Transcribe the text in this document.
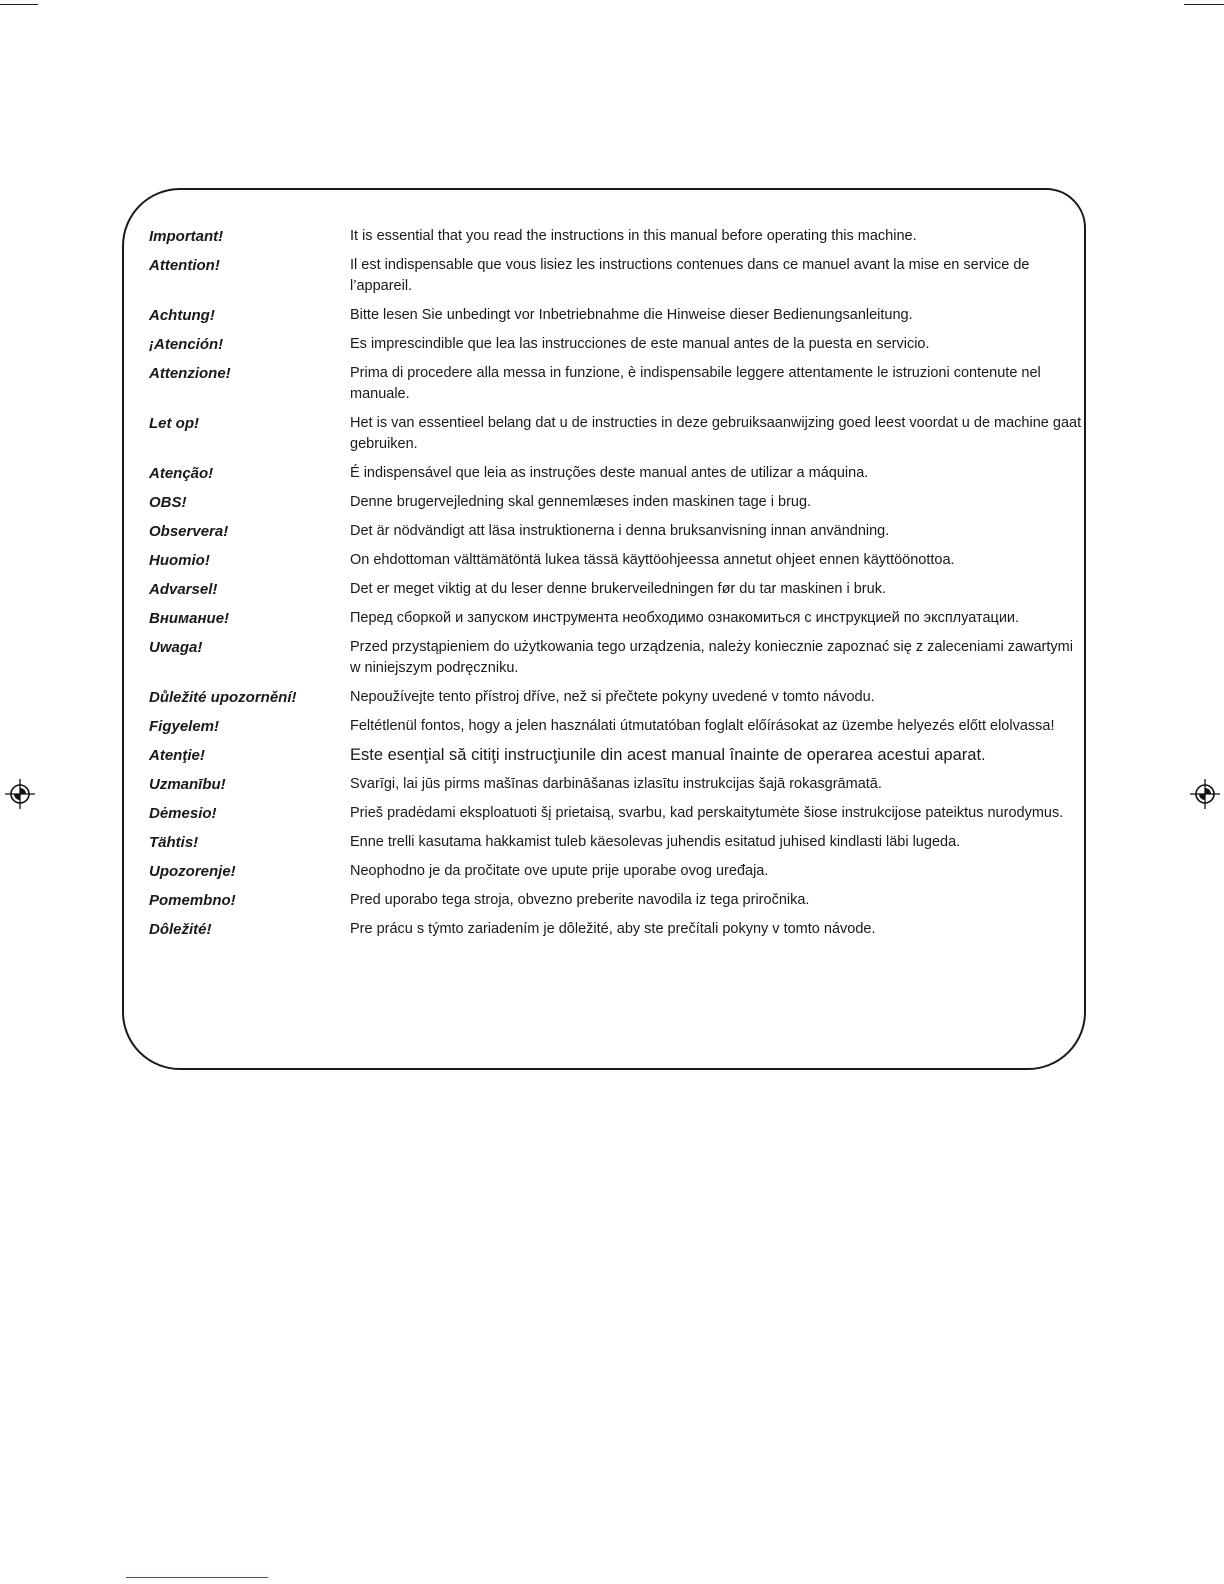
Important!	It is essential that you read the instructions in this manual before operating this machine.
Attention!	Il est indispensable que vous lisiez les instructions contenues dans ce manuel avant la mise en service de l’appareil.
Achtung!	Bitte lesen Sie unbedingt vor Inbetriebnahme die Hinweise dieser Bedienungsanleitung.
¡Atención!	Es imprescindible que lea las instrucciones de este manual antes de la puesta en servicio.
Attenzione!	Prima di procedere alla messa in funzione, è indispensabile leggere attentamente le istruzioni contenute nel manuale.
Let op!	Het is van essentieel belang dat u de instructies in deze gebruiksaanwijzing goed leest voordat u de machine gaat gebruiken.
Atenção!	É indispensável que leia as instruções deste manual antes de utilizar a máquina.
OBS!	Denne brugervejledning skal gennemlæses inden maskinen tage i brug.
Observera!	Det är nödvändigt att läsa instruktionerna i denna bruksanvisning innan användning.
Huomio!	On ehdottoman välttämätöntä lukea tässä käyttöohjeessa annetut ohjeet ennen käyttöönottoa.
Advarsel!	Det er meget viktig at du leser denne brukerveiledningen før du tar maskinen i bruk.
Внимание!	Перед сборкой и запуском инструмента необходимо ознакомиться с инструкцией по эксплуатации.
Uwaga!	Przed przystąpieniem do użytkowania tego urządzenia, należy koniecznie zapoznać się z zaleceniami zawartymi w niniejszym podręczniku.
Důležité upozornění!	Nepoužívejte tento přístroj dříve, než si přečtete pokyny uvedené v tomto návodu.
Figyelem!	Feltétlenül fontos, hogy a jelen használati útmutatóban foglalt előírásokat az üzembe helyezés előtt elolvassa!
Atenţie!	Este esenţial să citiţi instrucţiunile din acest manual înainte de operarea acestui aparat.
Uzmanību!	Svarīgi, lai jūs pirms mašīnas darbināšanas izlasītu instrukcijas šajā rokasgrāmatā.
Dėmesio!	Prieš pradėdami eksploatuoti šį prietaisą, svarbu, kad perskaitytumėte šiose instrukcijose pateiktus nurodymus.
Tähtis!	Enne trelli kasutama hakkamist tuleb käesolevas juhendis esitatud juhised kindlasti läbi lugeda.
Upozorenje!	Neophodno je da pročitate ove upute prije uporabe ovog uređaja.
Pomembno!	Pred uporabo tega stroja, obvezno preberite navodila iz tega priročnika.
Dôležité!	Pre prácu s týmto zariadením je dôležité, aby ste prečítali pokyny v tomto návode.
